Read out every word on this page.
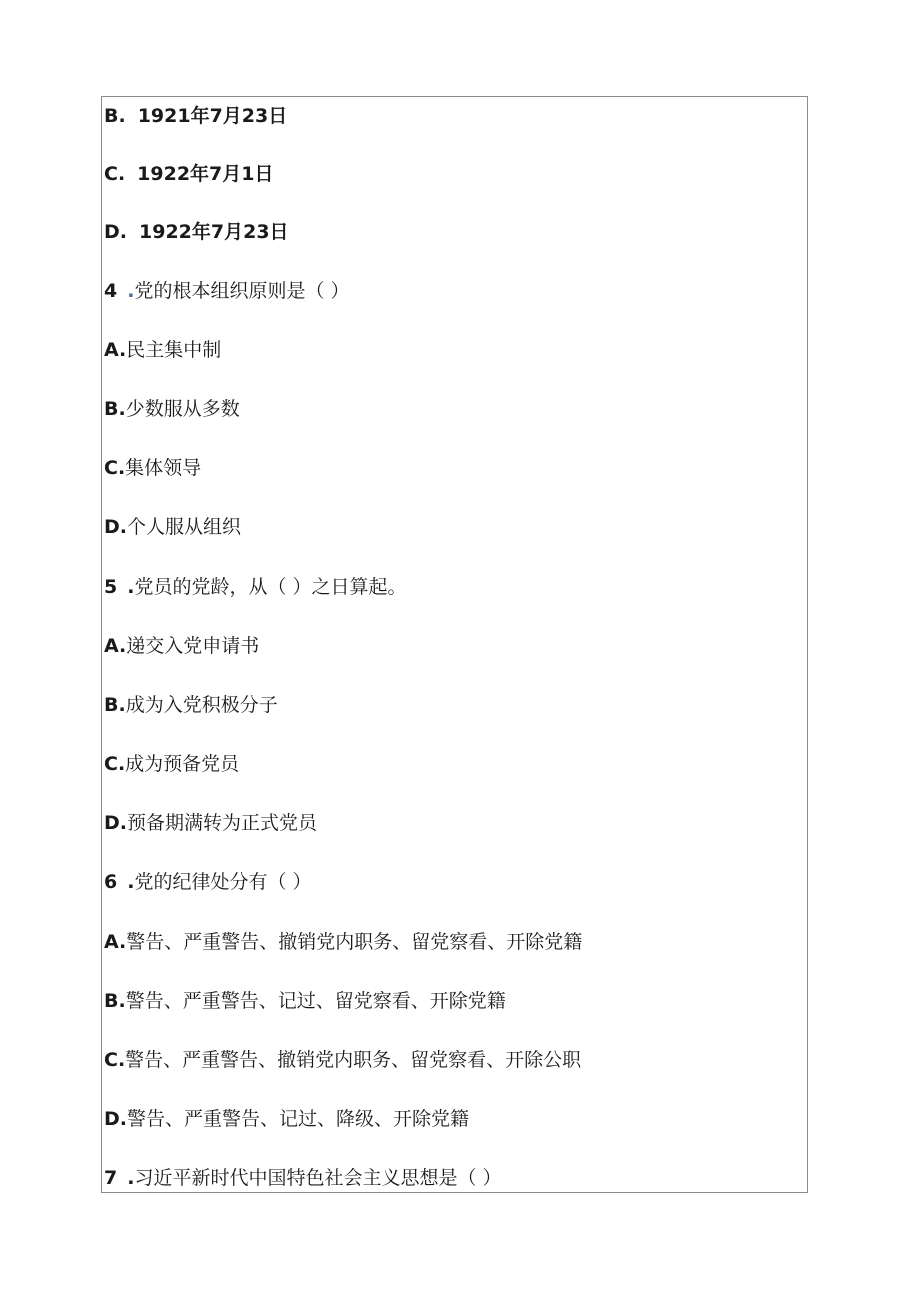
B. 1921年7月23日
C. 1922年7月1日
D. 1922年7月23日
4 .党的根本组织原则是（ ）
A.民主集中制
B.少数服从多数
C.集体领导
D.个人服从组织
5 .党员的党龄，从（ ）之日算起。
A.递交入党申请书
B.成为入党积极分子
C.成为预备党员
D.预备期满转为正式党员
6 .党的纪律处分有（ ）
A.警告、严重警告、撤销党内职务、留党察看、开除党籍
B.警告、严重警告、记过、留党察看、开除党籍
C.警告、严重警告、撤销党内职务、留党察看、开除公职
D.警告、严重警告、记过、降级、开除党籍
7 .习近平新时代中国特色社会主义思想是（ ）
